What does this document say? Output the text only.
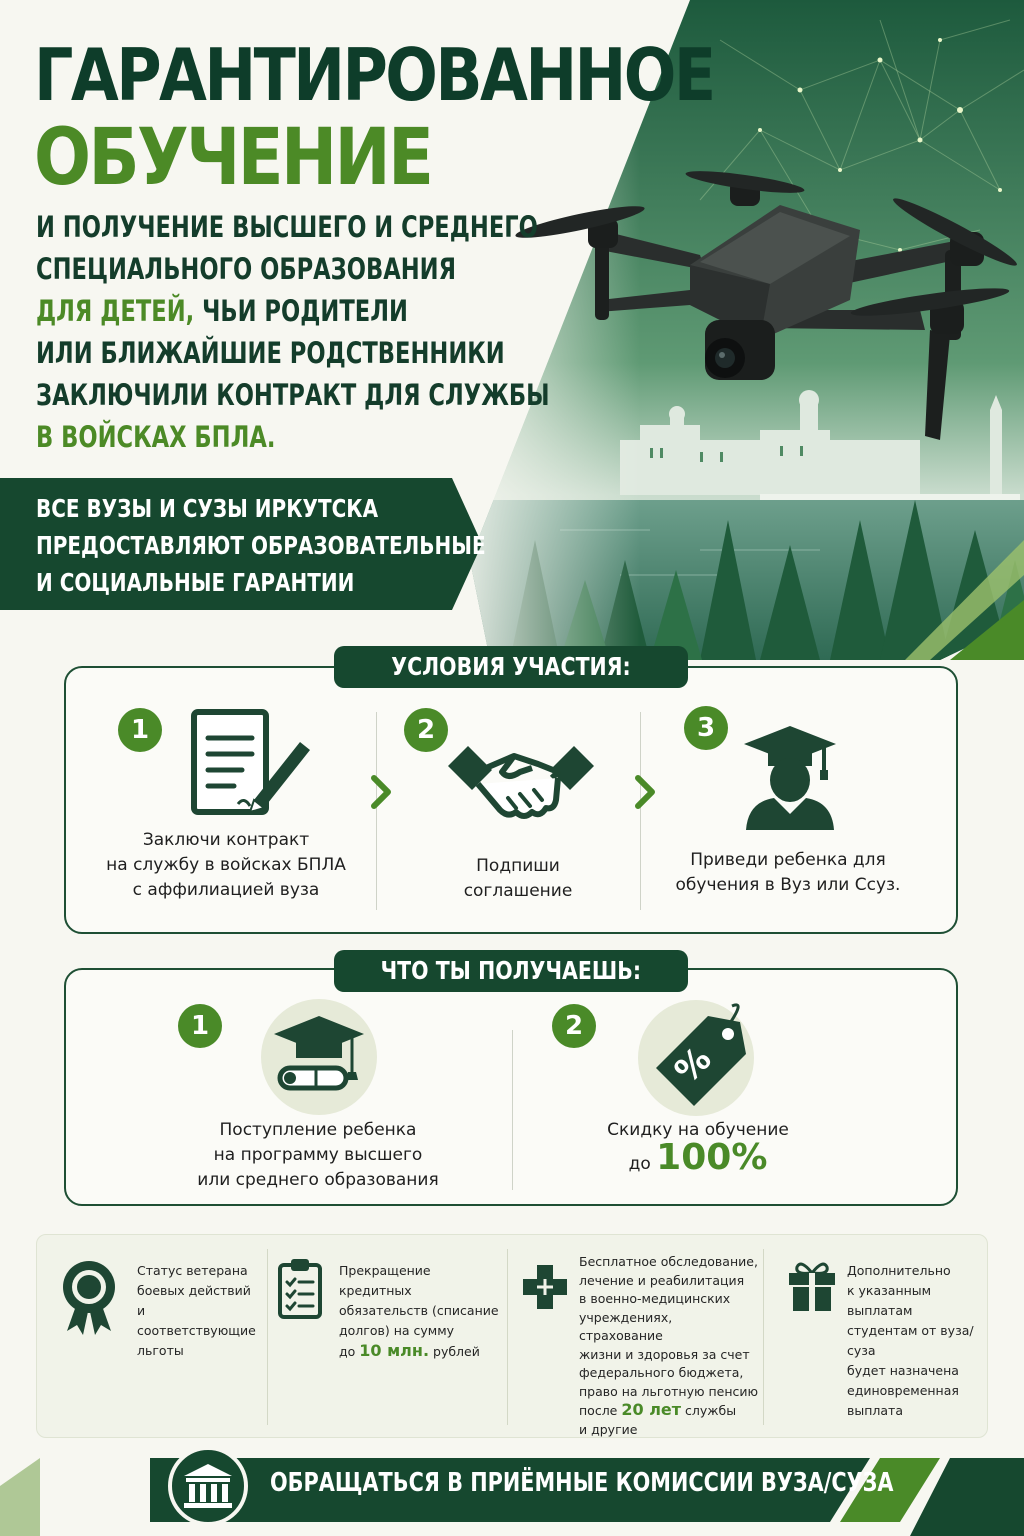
ГАРАНТИРОВАННОЕ
ОБУЧЕНИЕ
И ПОЛУЧЕНИЕ ВЫСШЕГО И СРЕДНЕГО
СПЕЦИАЛЬНОГО ОБРАЗОВАНИЯ
ДЛЯ ДЕТЕЙ, ЧЬИ РОДИТЕЛИ
ИЛИ БЛИЖАЙШИЕ РОДСТВЕННИКИ
ЗАКЛЮЧИЛИ КОНТРАКТ ДЛЯ СЛУЖБЫ
В ВОЙСКАХ БПЛА.
ВСЕ ВУЗЫ И СУЗЫ ИРКУТСКА
ПРЕДОСТАВЛЯЮТ ОБРАЗОВАТЕЛЬНЫЕ
И СОЦИАЛЬНЫЕ ГАРАНТИИ
УСЛОВИЯ УЧАСТИЯ:
1
Заключи контракт
на службу в войсках БПЛА
с аффилиацией вуза
2
Подпиши
соглашение
3
Приведи ребенка для
обучения в Вуз или Ссуз.
ЧТО ТЫ ПОЛУЧАЕШЬ:
1
Поступление ребенка
на программу высшего
или среднего образования
2
%
Скидку на обучение
до 100%
Статус ветерана
боевых действий
и соответствующие
льготы
Прекращение кредитных
обязательств (списание
долгов) на сумму
до 10 млн. рублей
Бесплатное обследование,
лечение и реабилитация
в военно-медицинских
учреждениях, страхование
жизни и здоровья за счет
федерального бюджета,
право на льготную пенсию
после 20 лет службы
и другие
Дополнительно
к указанным выплатам
студентам от вуза/суза
будет назначена
единовременная
выплата
ОБРАЩАТЬСЯ В ПРИЁМНЫЕ КОМИССИИ ВУЗА/СУЗА
